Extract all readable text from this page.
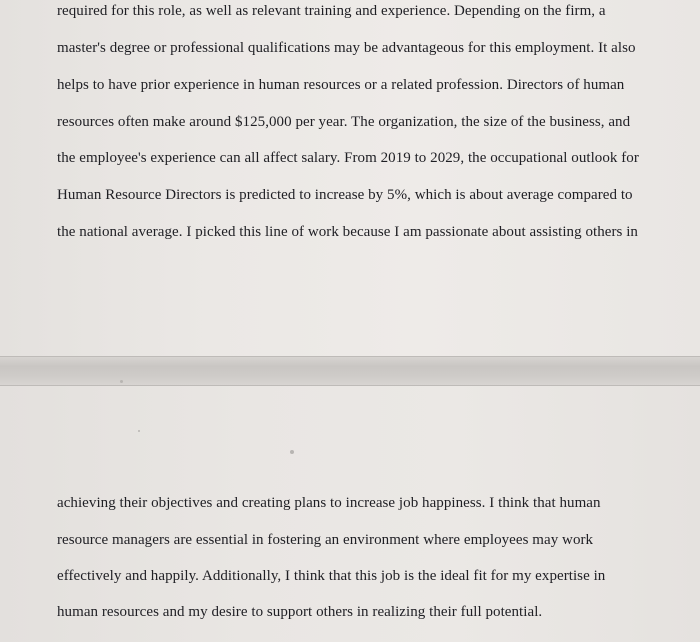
required for this role, as well as relevant training and experience. Depending on the firm, a
master's degree or professional qualifications may be advantageous for this employment. It also
helps to have prior experience in human resources or a related profession. Directors of human
resources often make around $125,000 per year. The organization, the size of the business, and
the employee's experience can all affect salary. From 2019 to 2029, the occupational outlook for
Human Resource Directors is predicted to increase by 5%, which is about average compared to
the national average. I picked this line of work because I am passionate about assisting others in
achieving their objectives and creating plans to increase job happiness. I think that human
resource managers are essential in fostering an environment where employees may work
effectively and happily. Additionally, I think that this job is the ideal fit for my expertise in
human resources and my desire to support others in realizing their full potential.
